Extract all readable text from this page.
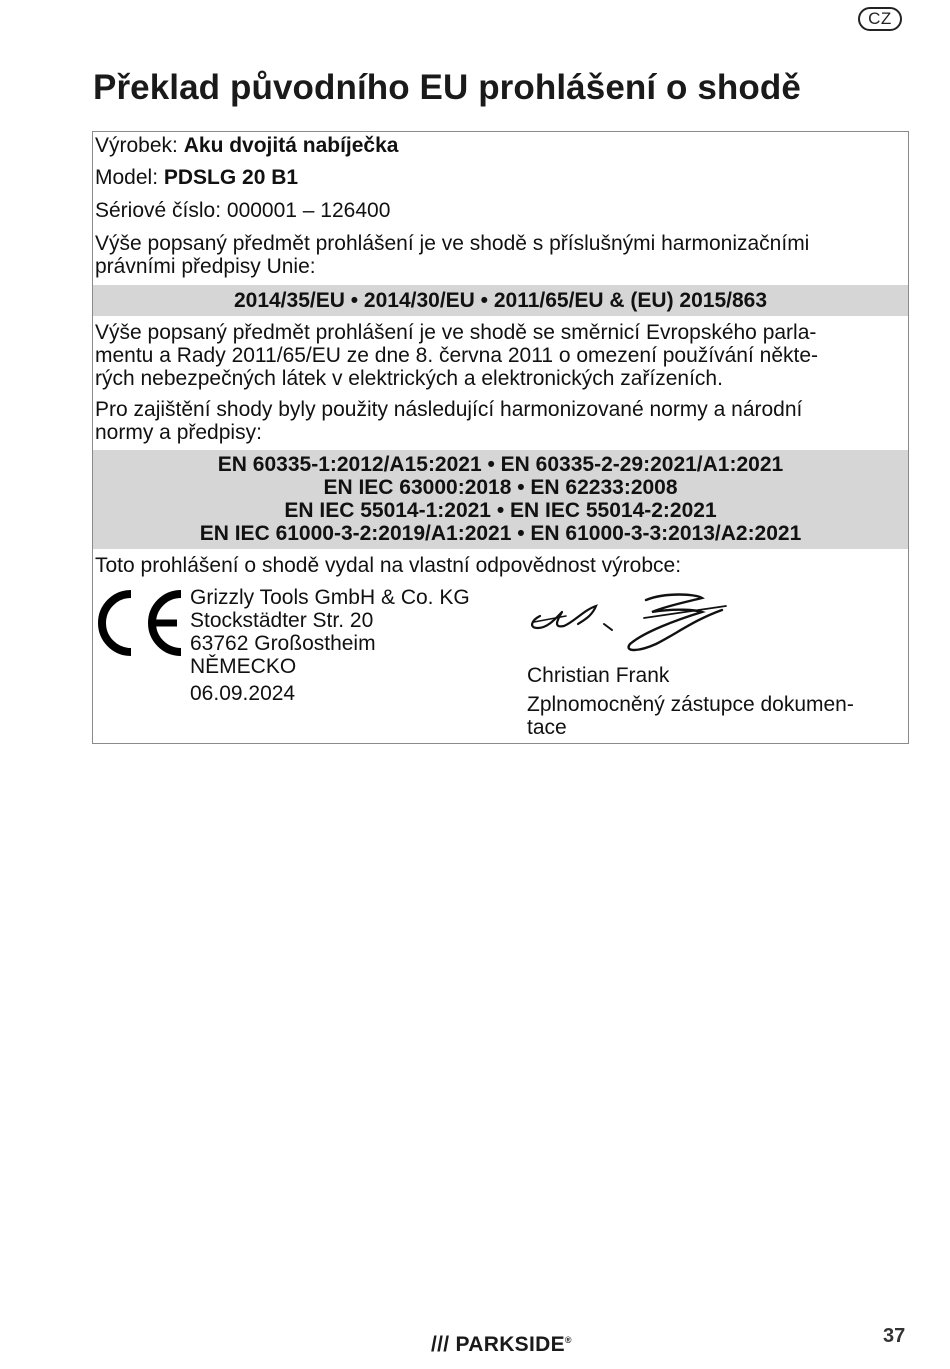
CZ
Překlad původního EU prohlášení o shodě
Výrobek: Aku dvojitá nabíječka
Model: PDSLG 20 B1
Sériové číslo: 000001 – 126400
Výše popsaný předmět prohlášení je ve shodě s příslušnými harmonizačními
právními předpisy Unie:
2014/35/EU • 2014/30/EU • 2011/65/EU & (EU) 2015/863
Výše popsaný předmět prohlášení je ve shodě se směrnicí Evropského parla-
mentu a Rady 2011/65/EU ze dne 8. června 2011 o omezení používání někte-
rých nebezpečných látek v elektrických a elektronických zařízeních.
Pro zajištění shody byly použity následující harmonizované normy a národní
normy a předpisy:
EN 60335-1:2012/A15:2021 • EN 60335-2-29:2021/A1:2021
EN IEC 63000:2018 • EN 62233:2008
EN IEC 55014-1:2021 • EN IEC 55014-2:2021
EN IEC 61000-3-2:2019/A1:2021 • EN 61000-3-3:2013/A2:2021
Toto prohlášení o shodě vydal na vlastní odpovědnost výrobce:
Grizzly Tools GmbH & Co. KG
Stockstädter Str. 20
63762 Großostheim
NĚMECKO
06.09.2024
Christian Frank
Zplnomocněný zástupce dokumen-
tace
/// PARKSIDE®	37
